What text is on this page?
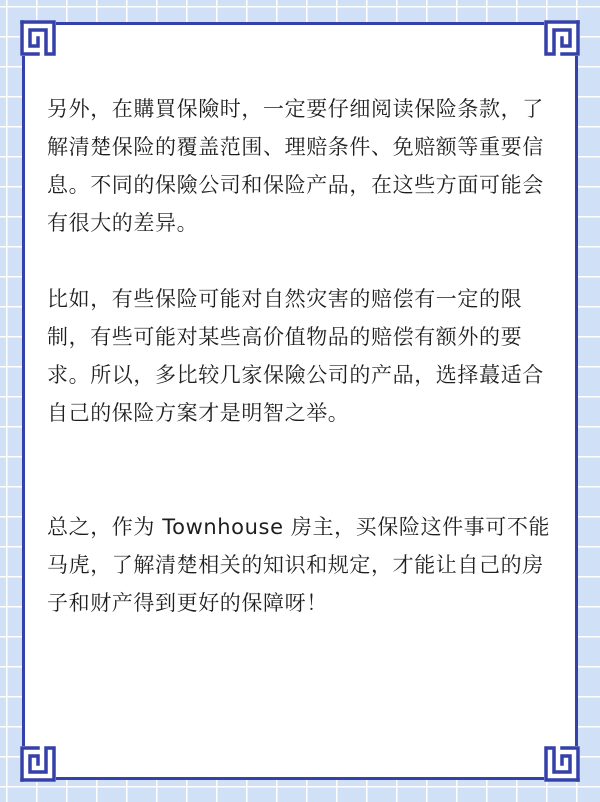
另外，在購買保險时，一定要仔细阅读保险条款，了解清楚保险的覆盖范围、理赔条件、免赔额等重要信息。不同的保險公司和保险产品，在这些方面可能会有很大的差异。

比如，有些保险可能对自然灾害的赔偿有一定的限制，有些可能对某些高价值物品的赔偿有额外的要求。所以，多比较几家保險公司的产品，选择蕞适合自己的保险方案才是明智之举。

总之，作为 Townhouse 房主，买保险这件事可不能马虎，了解清楚相关的知识和规定，才能让自己的房子和财产得到更好的保障呀！
